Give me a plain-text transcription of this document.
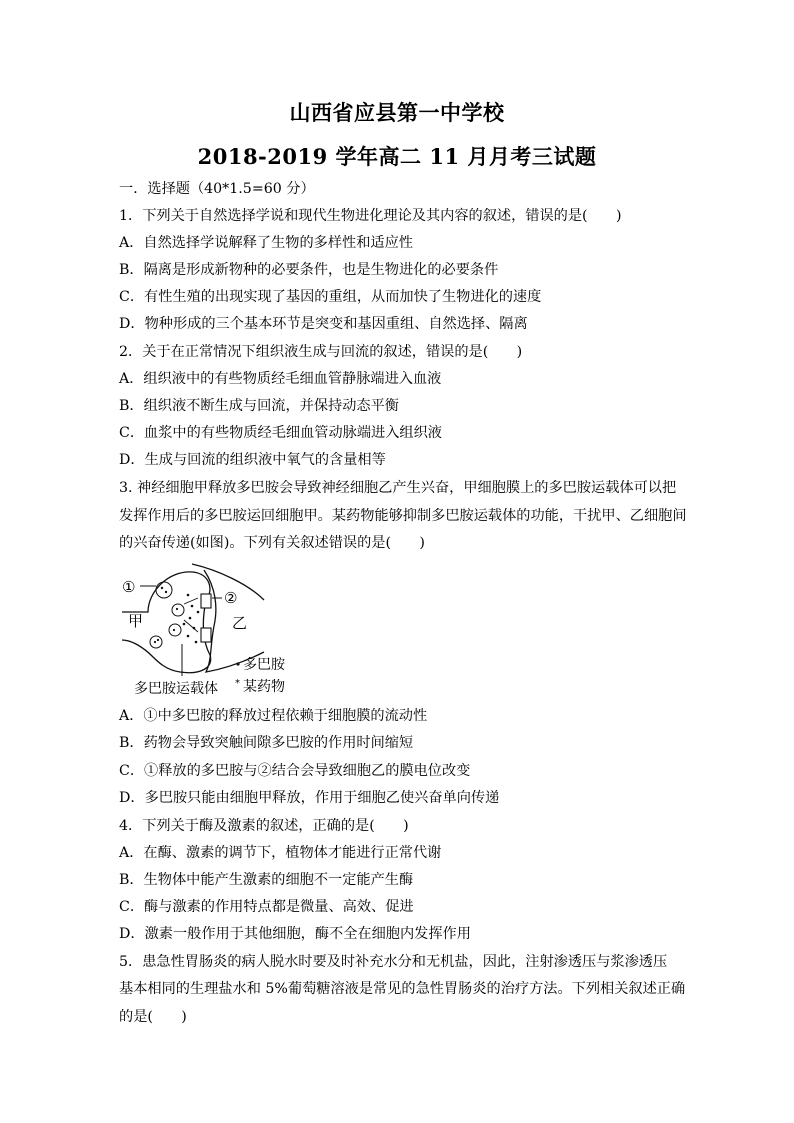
山西省应县第一中学校
2018-2019 学年高二 11 月月考三试题
一．选择题（40*1.5=60 分）
1．下列关于自然选择学说和现代生物进化理论及其内容的叙述，错误的是(　　)
A．自然选择学说解释了生物的多样性和适应性
B．隔离是形成新物种的必要条件，也是生物进化的必要条件
C．有性生殖的出现实现了基因的重组，从而加快了生物进化的速度
D．物种形成的三个基本环节是突变和基因重组、自然选择、隔离
2．关于在正常情况下组织液生成与回流的叙述，错误的是(　　)
A．组织液中的有些物质经毛细血管静脉端进入血液
B．组织液不断生成与回流，并保持动态平衡
C．血浆中的有些物质经毛细血管动脉端进入组织液
D．生成与回流的组织液中氧气的含量相等
3. 神经细胞甲释放多巴胺会导致神经细胞乙产生兴奋，甲细胞膜上的多巴胺运载体可以把
发挥作用后的多巴胺运回细胞甲。某药物能够抑制多巴胺运载体的功能，干扰甲、乙细胞间
的兴奋传递(如图)。下列有关叙述错误的是(　　)
①
②
甲	乙
多巴胺
* 某药物
多巴胺运载体
A．①中多巴胺的释放过程依赖于细胞膜的流动性
B．药物会导致突触间隙多巴胺的作用时间缩短
C．①释放的多巴胺与②结合会导致细胞乙的膜电位改变
D．多巴胺只能由细胞甲释放，作用于细胞乙使兴奋单向传递
4．下列关于酶及激素的叙述，正确的是(　　)
A．在酶、激素的调节下，植物体才能进行正常代谢
B．生物体中能产生激素的细胞不一定能产生酶
C．酶与激素的作用特点都是微量、高效、促进
D．激素一般作用于其他细胞，酶不全在细胞内发挥作用
5．患急性胃肠炎的病人脱水时要及时补充水分和无机盐，因此，注射渗透压与浆渗透压
基本相同的生理盐水和 5%葡萄糖溶液是常见的急性胃肠炎的治疗方法。下列相关叙述正确
的是(　　)
